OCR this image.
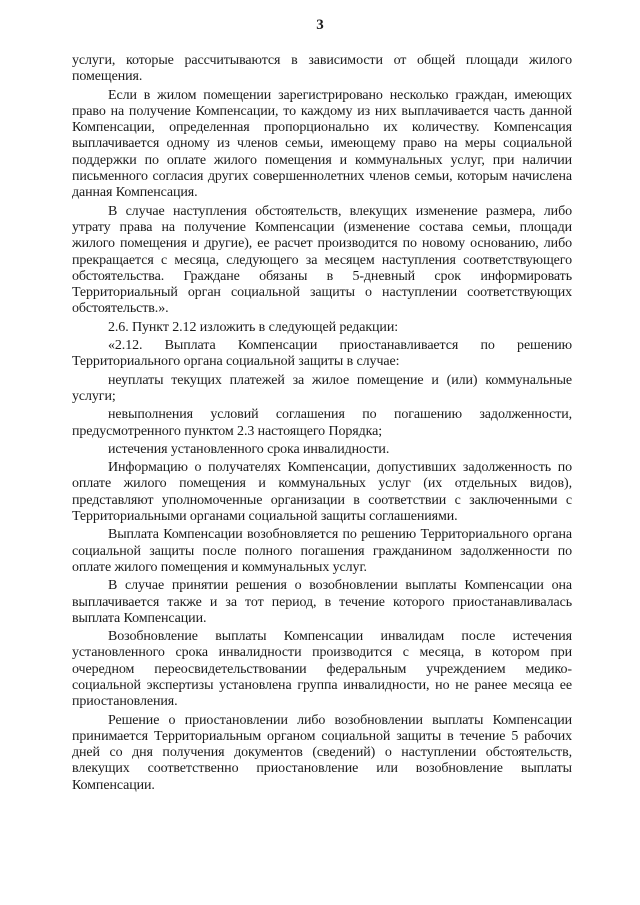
3

услуги, которые рассчитываются в зависимости от общей площади жилого помещения.

Если в жилом помещении зарегистрировано несколько граждан, имеющих право на получение Компенсации, то каждому из них выплачивается часть данной Компенсации, определенная пропорционально их количеству. Компенсация выплачивается одному из членов семьи, имеющему право на меры социальной поддержки по оплате жилого помещения и коммунальных услуг, при наличии письменного согласия других совершеннолетних членов семьи, которым начислена данная Компенсация.

В случае наступления обстоятельств, влекущих изменение размера, либо утрату права на получение Компенсации (изменение состава семьи, площади жилого помещения и другие), ее расчет производится по новому основанию, либо прекращается с месяца, следующего за месяцем наступления соответствующего обстоятельства. Граждане обязаны в 5-дневный срок информировать Территориальный орган социальной защиты о наступлении соответствующих обстоятельств.».

2.6. Пункт 2.12 изложить в следующей редакции:

«2.12. Выплата Компенсации приостанавливается по решению Территориального органа социальной защиты в случае:

неуплаты текущих платежей за жилое помещение и (или) коммунальные услуги;

невыполнения условий соглашения по погашению задолженности, предусмотренного пунктом 2.3 настоящего Порядка;

истечения установленного срока инвалидности.

Информацию о получателях Компенсации, допустивших задолженность по оплате жилого помещения и коммунальных услуг (их отдельных видов), представляют уполномоченные организации в соответствии с заключенными с Территориальными органами социальной защиты соглашениями.

Выплата Компенсации возобновляется по решению Территориального органа социальной защиты после полного погашения гражданином задолженности по оплате жилого помещения и коммунальных услуг.

В случае принятии решения о возобновлении выплаты Компенсации она выплачивается также и за тот период, в течение которого приостанавливалась выплата Компенсации.

Возобновление выплаты Компенсации инвалидам после истечения установленного срока инвалидности производится с месяца, в котором при очередном переосвидетельствовании федеральным учреждением медико-социальной экспертизы установлена группа инвалидности, но не ранее месяца ее приостановления.

Решение о приостановлении либо возобновлении выплаты Компенсации принимается Территориальным органом социальной защиты в течение 5 рабочих дней со дня получения документов (сведений) о наступлении обстоятельств, влекущих соответственно приостановление или возобновление выплаты Компенсации.
